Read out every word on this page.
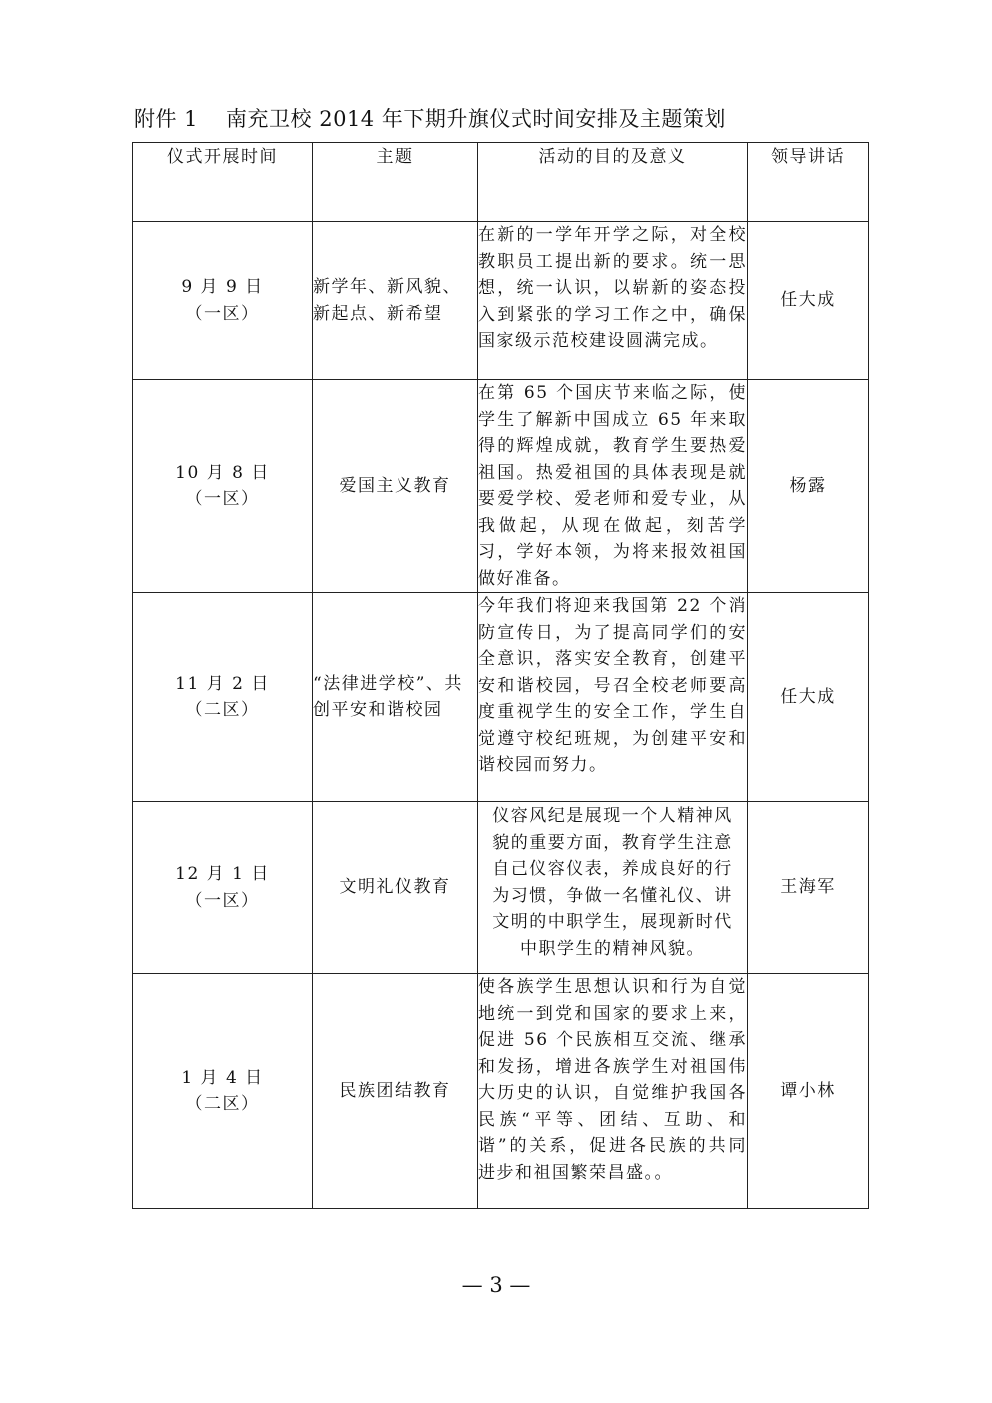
附件 1 南充卫校 2014 年下期升旗仪式时间安排及主题策划
仪式开展时间	主题	活动的目的及意义	领导讲话

9 月 9 日
（一区）	新学年、新风貌、新起点、新希望	在新的一学年开学之际，对全校教职员工提出新的要求。统一思想，统一认识，以崭新的姿态投入到紧张的学习工作之中，确保国家级示范校建设圆满完成。	任大成

10 月 8 日
（一区）	爱国主义教育	在第 65 个国庆节来临之际，使学生了解新中国成立 65 年来取得的辉煌成就，教育学生要热爱祖国。热爱祖国的具体表现是就要爱学校、爱老师和爱专业，从我做起，从现在做起，刻苦学习，学好本领，为将来报效祖国做好准备。	杨露

11 月 2 日
（二区）	“法律进学校”、共创平安和谐校园	今年我们将迎来我国第 22 个消防宣传日，为了提高同学们的安全意识，落实安全教育，创建平安和谐校园，号召全校老师要高度重视学生的安全工作，学生自觉遵守校纪班规，为创建平安和谐校园而努力。	任大成

12 月 1 日
（一区）	文明礼仪教育	仪容风纪是展现一个人精神风貌的重要方面，教育学生注意自己仪容仪表，养成良好的行为习惯，争做一名懂礼仪、讲文明的中职学生，展现新时代中职学生的精神风貌。	王海军

1 月 4 日
（二区）	民族团结教育	使各族学生思想认识和行为自觉地统一到党和国家的要求上来，促进 56 个民族相互交流、继承和发扬，增进各族学生对祖国伟大历史的认识，自觉维护我国各民族“平等、团结、互助、和谐”的关系，促进各民族的共同进步和祖国繁荣昌盛。。	谭小林
— 3 —
